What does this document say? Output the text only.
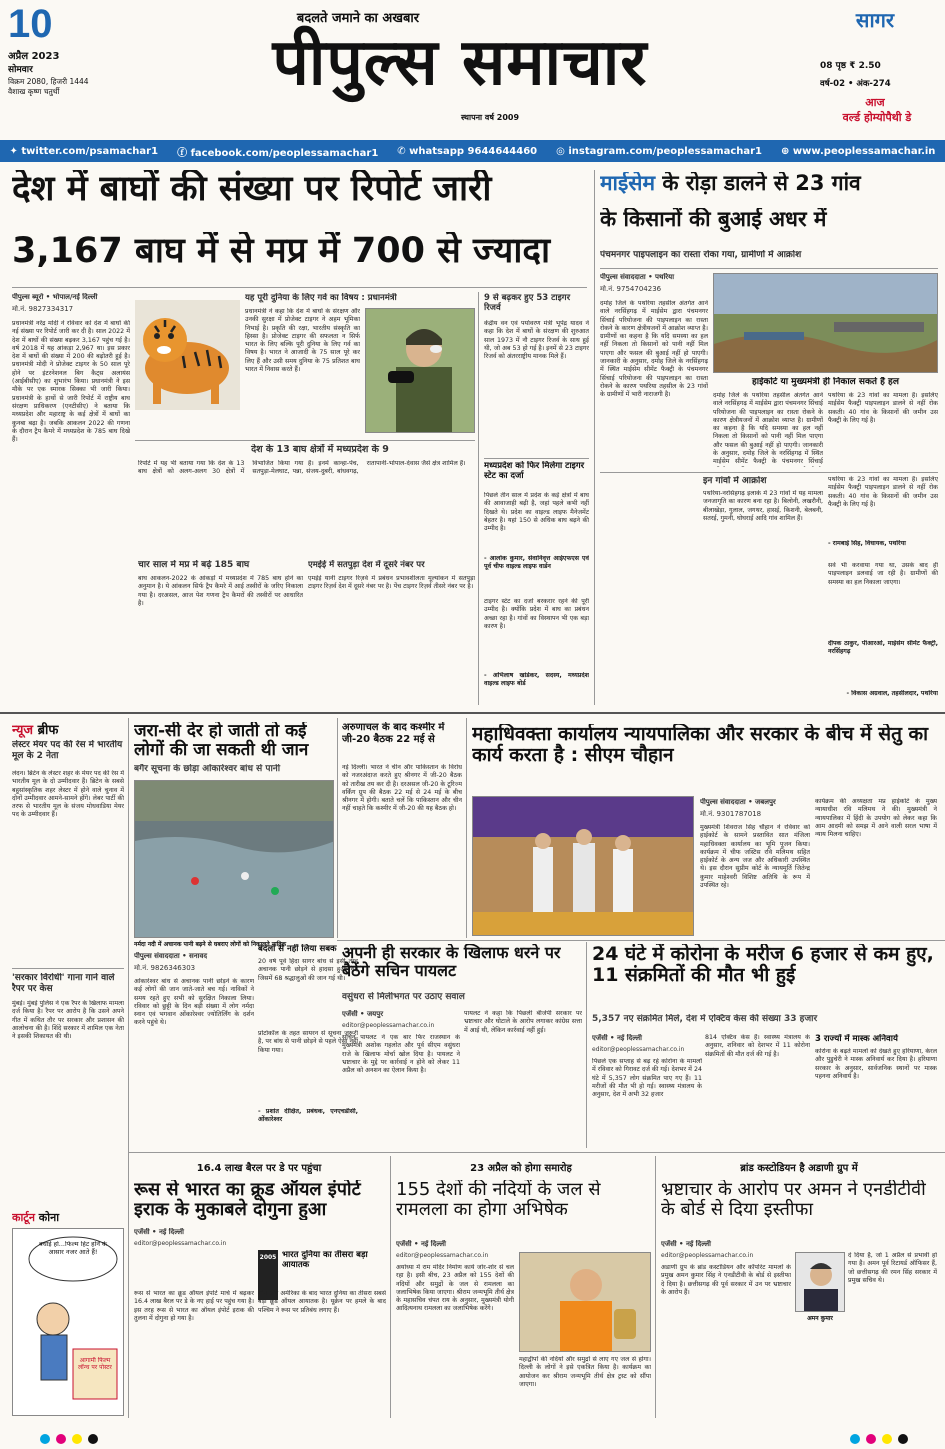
10
अप्रैल 2023
सोमवार
विक्रम 2080, हिजरी 1444
वैशाख कृष्ण चतुर्थी
बदलते जमाने का अखबार
पीपुल्स समाचार
स्थापना वर्ष 2009
सागर
08 पृष्ठ ₹ 2.50
वर्ष-02 • अंक-274
आज
वर्ल्ड होम्योपैथी डे
✦ twitter.com/psamachar1 ⓕ facebook.com/peoplessamachar1 ✆ whatsapp 9644644460 ◎ instagram.com/peoplessamachar1 ⊕ www.peoplessamachar.in
देश में बाघों की संख्या पर रिपोर्ट जारी
3,167 बाघ में से मप्र में 700 से ज्यादा
पीपुल्स ब्यूरो • भोपाल/नई दिल्ली
मो.नं. 9827334317
प्रधानमंत्री नरेंद्र मोदी ने रविवार को देश में बाघों की नई संख्या पर रिपोर्ट जारी कर दी है। साल 2022 में देश में बाघों की संख्या बढ़कर 3,167 पहुंच गई है। वर्ष 2018 में यह आंकड़ा 2,967 था। इस प्रकार देश में बाघों की संख्या में 200 की बढ़ोतरी हुई है। प्रधानमंत्री मोदी ने प्रोजेक्ट टाइगर के 50 साल पूरे होने पर इंटरनेशनल बिग कैट्स अलायंस (आईबीसीए) का शुभारंभ किया। प्रधानमंत्री ने इस मौके पर एक स्मारक सिक्का भी जारी किया। प्रधानमंत्री के हाथों से जारी रिपोर्ट में राष्ट्रीय बाघ संरक्षण प्राधिकरण (एनटीसीए) ने बताया कि मध्यप्रदेश और महाराष्ट्र के कई क्षेत्रों में बाघों का कुनबा बढ़ा है। जबकि आकलन 2022 की गणना के दौरान ट्रैप कैमरे में मध्यप्रदेश के 785 बाघ दिखे हैं।
यह पूरी दुनिया के लिए गर्व का विषय : प्रधानमंत्री
प्रधानमंत्री ने कहा कि देश में बाघों के संरक्षण और उनकी सुरक्षा में प्रोजेक्ट टाइगर ने अहम भूमिका निभाई है। प्रकृति की रक्षा, भारतीय संस्कृति का हिस्सा है। प्रोजेक्ट टाइगर की सफलता न सिर्फ भारत के लिए बल्कि पूरी दुनिया के लिए गर्व का विषय है। भारत ने आजादी के 75 साल पूरे कर लिए हैं और उसी समय दुनिया के 75 प्रतिशत बाघ भारत में निवास करते हैं।
देश के 13 बाघ क्षेत्रों में मध्यप्रदेश के 9
रिपोर्ट में यह भी बताया गया कि देश के 13 बाघ क्षेत्रों को अलग-अलग 30 क्षेत्रों में विभाजित किया गया है। इनमें कान्हा-पेंच, सतपुड़ा-मेलघाट, पन्ना, संजय-दुबरी, बांधवगढ़, रातापानी-भोपाल-देवास जैसे क्षेत्र शामिल हैं।
चार साल में मप्र में बढ़े 185 बाघ
बाघ आकलन-2022 के आंकड़ों में मध्यप्रदेश में 785 बाघ होने का अनुमान है। ये आंकलन सिर्फ ट्रैप कैमरे में आई तस्वीरों के जरिए निकाला गया है। दरअसल, आज पेश गणना ट्रैप कैमरों की तस्वीरों पर आधारित है।
एमईई में सतपुड़ा देश में दूसरे नंबर पर
एमईई यानी टाइगर रिज़र्व में प्रबंधन प्रभावशीलता मूल्यांकन में सतपुड़ा टाइगर रिज़र्व देश में दूसरे नंबर पर है। पेंच टाइगर रिज़र्व तीसरे नंबर पर है।
9 से बढ़कर हुए 53 टाइगर रिजर्व
केंद्रीय वन एवं पर्यावरण मंत्री भूपेंद्र यादव ने कहा कि देश में बाघों के संरक्षण की शुरुआत साल 1973 में नौ टाइगर रिजर्व के साथ हुई थी, जो अब 53 हो गई है। इनमें से 23 टाइगर रिजर्व को अंतरराष्ट्रीय मानक मिले हैं।
मध्यप्रदेश को फिर मिलेगा टाइगर स्टेट का दर्जा
पिछले तीन साल में प्रदेश के कई क्षेत्रों में बाघ की आवाजाही बढ़ी है, जहां पहले कभी नहीं दिखते थे। प्रदेश का वाइल्ड लाइफ मैनेजमेंट बेहतर है। यहां 150 से अधिक बाघ बढ़ने की उम्मीद है।
- आलोक कुमार, सेवानिवृत्त आईएफएस एवं पूर्व चीफ वाइल्ड लाइफ वार्डन
टाइगर स्टेट का दर्जा बरकरार रहने की पूरी उम्मीद है। क्योंकि प्रदेश में बाघ का प्रबंधन अच्छा रहा है। गांवों का विस्थापन भी एक बड़ा कारण है।
- अभिलाष खांडेकर, सदस्य, मध्यप्रदेश वाइल्ड लाइफ बोर्ड
माईसेम के रोड़ा डालने से 23 गांव
के किसानों की बुआई अधर में
पंचमनगर पाइपलाइन का रास्ता रोका गया, ग्रामीणों में आक्रोश
पीपुल्स संवाददाता • पथरिया
मो.नं. 9754704236
दमोह जिले के पथरिया तहसील अंतर्गत आने वाले नरसिंहगढ़ में माईसेम द्वारा पंचमनगर सिंचाई परियोजना की पाइपलाइन का रास्ता रोकने के कारण क्षेत्रीयजनों में आक्रोश व्याप्त है। ग्रामीणों का कहना है कि यदि समस्या का हल नहीं निकला तो किसानों को पानी नहीं मिल पाएगा और फसल की बुआई नहीं हो पाएगी। जानकारी के अनुसार, दमोह जिले के नरसिंहगढ़ में स्थित माईसेम सीमेंट फैक्ट्री के पंचमनगर सिंचाई परियोजना की पाइपलाइन का रास्ता रोकने के कारण पथरिया तहसील के 23 गांवों के ग्रामीणों में भारी नाराजगी है।
हाईकोर्ट या मुख्यमंत्री ही निकाल सकते हैं हल
दमोह जिले के पथरिया तहसील अंतर्गत आने वाले नरसिंहगढ़ में माईसेम द्वारा पंचमनगर सिंचाई परियोजना की पाइपलाइन का रास्ता रोकने के कारण क्षेत्रीयजनों में आक्रोश व्याप्त है। ग्रामीणों का कहना है कि यदि समस्या का हल नहीं निकला तो किसानों को पानी नहीं मिल पाएगा और फसल की बुआई नहीं हो पाएगी। जानकारी के अनुसार, दमोह जिले के नरसिंहगढ़ में स्थित माईसेम सीमेंट फैक्ट्री के पंचमनगर सिंचाई
पथरिया के 23 गांवों का मामला है। इसलिए माईसेम फैक्ट्री पाइपलाइन डालने से नहीं रोक सकती। 40 गांव के किसानों की जमीन उस फैक्ट्री के लिए गई है।
इन गांवों में आक्रोश
पथरिया-नरसिंहगढ़ इलाके में 23 गांवों में यह मामला जनजागृति का कारण बना रहा है। बिलोनी, लखरौनी, बीलाखेड़ा, गुलाल, जगथर, हासई, किशनी, बेलबनी, सतरई, गुमनी, घोघराई आदि गांव शामिल हैं।
पथरिया के 23 गांवों का मामला है। इसलिए माईसेम फैक्ट्री पाइपलाइन डालने से नहीं रोक सकती। 40 गांव के किसानों की जमीन उस फैक्ट्री के लिए गई है।
- रामबाई सिंह, विधायक, पथरिया
सर्वे भी करवाया गया था, उसके बाद ही पाइपलाइन डलवाई जा रही है। ग्रामीणों की समस्या का हल निकाला जाएगा।
दीपक ठाकुर, पीआरओ, माईसेम सीमेंट फैक्ट्री, नरसिंहगढ़
- विकास अग्रवाल, तहसीलदार, पथरिया
न्यूज ब्रीफ
लेस्टर मेयर पद की रेस में भारतीय मूल के 2 नेता
लंदन। ब्रिटेन के लेस्टर शहर के मेयर पद की रेस में भारतीय मूल के दो उम्मीदवार हैं। ब्रिटेन के सबसे बहुसांस्कृतिक शहर लेस्टर में होने वाले चुनाव में दोनों उम्मीदवार आमने-सामने होंगे। लेबर पार्टी की तरफ से भारतीय मूल के संजय मोधवाडिया मेयर पद के उम्मीदवार हैं।
'सरकार विरोधी' गाना गाने वाले रैपर पर केस
मुंबई। मुंबई पुलिस ने एक रैपर के खिलाफ मामला दर्ज किया है। रैपर पर आरोप है कि उसने अपने गीत में कथित तौर पर सरकार और प्रशासन की आलोचना की है। शिंदे सरकार में शामिल एक नेता ने इसकी शिकायत की थी।
कार्टून कोना
बधाई हो...फिल्म हिट होने के आसार नजर आते हैं!
आगामी फिल्म लॉन्च पर पोस्टर
जरा-सी देर हो जाती तो कई लोगों की जा सकती थी जान
बगैर सूचना के छोड़ा ओंकारेश्वर बांध से पानी
नर्मदा नदी में अचानक पानी बढ़ने से घबराए लोगों को निकालते नाविक
पीपुल्स संवाददाता • सनावद
मो.नं. 9826346303
ओंकारेश्वर बांध से अचानक पानी छोड़ने के कारण कई लोगों की जान जाते-जाते बच गई। नाविकों ने समय रहते हुए सभी को सुरक्षित निकाला लिया। रविवार को छुट्टी के दिन बड़ी संख्या में लोग नर्मदा स्नान एवं भगवान ओंकारेश्वर ज्योतिर्लिंग के दर्शन करने पहुंचे थे।
बदलाें से नहीं लिया सबक
20 वर्ष पूर्व हिंदा सागर बांध से इसी तरह अचानक पानी छोड़ने से हादसा हुआ था, जिसमें 68 श्रद्धालुओं की जान गई थी।
प्रोटोकॉल के तहत सायरन से सूचना जरूरी है, पर बांध से पानी छोड़ने से पहले ऐसा नहीं किया गया।
- प्रशांत दीक्षित, प्रबंधक, एनएचडीसी, ओंकारेश्वर
अरुणाचल के बाद कश्मीर में जी-20 बैठक 22 मई से
नई दिल्ली। भारत ने चीन और पाकिस्तान के विरोध को नजरअंदाज करते हुए श्रीनगर में जी-20 बैठक को तारीख तय कर दी है। दरअसल जी-20 के टूरिज्म वर्किंग ग्रुप की बैठक 22 मई से 24 मई के बीच श्रीनगर में होगी। बताते चलें कि पाकिस्तान और चीन नहीं चाहते कि कश्मीर में जी-20 की यह बैठक हो।
महाधिवक्ता कार्यालय न्यायपालिका और सरकार के बीच में सेतु का कार्य करता है : सीएम चौहान
पीपुल्स संवाददाता • जबलपुर
मो.नं. 9301787018
मुख्यमंत्री शिवराज सिंह चौहान ने रविवार को हाईकोर्ट के सामने प्रस्तावित सात मंजिला महाधिवक्ता कार्यालय का भूमि पूजन किया। कार्यक्रम में चीफ जस्टिस रवि मलिमथ सहित हाईकोर्ट के अन्य जज और अधिकारी उपस्थित थे। इस दौरान सुप्रीम कोर्ट के न्यायमूर्ति जितेन्द्र कुमार माहेश्वरी विशिष्ट अतिथि के रूप में उपस्थित रहे।
कार्यक्रम की अध्यक्षता मप्र हाईकोर्ट के मुख्य न्यायाधीश रवि मलिमथ ने की। मुख्यमंत्री ने न्यायपालिका में हिंदी के उपयोग को लेकर कहा कि आम आदमी को समझ में आने वाली सरल भाषा में न्याय मिलना चाहिए।
अपनी ही सरकार के खिलाफ धरने पर बैठेंगे सचिन पायलट
वसुंधरा से मिलीभगत पर उठाए सवाल
एजेंसी • जयपुर
editor@peoplessamachar.co.in
सचिन पायलट ने एक बार फिर राजस्थान के मुख्यमंत्री अशोक गहलोत और पूर्व सीएम वसुंधरा राजे के खिलाफ मोर्चा खोल दिया है। पायलट ने भ्रष्टाचार के मुद्दे पर कार्रवाई न होने को लेकर 11 अप्रैल को अनशन का ऐलान किया है।
पायलट ने कहा कि पिछली बीजेपी सरकार पर भ्रष्टाचार और घोटाले के आरोप लगाकर कांग्रेस सत्ता में आई थी, लेकिन कार्रवाई नहीं हुई।
24 घंटे में कोरोना के मरीज 6 हजार से कम हुए, 11 संक्रमितों की मौत भी हुई
5,357 नए संक्रमित मिले, देश में एक्टिव केस की संख्या 33 हजार
एजेंसी • नई दिल्ली
editor@peoplessamachar.co.in
पिछले एक सप्ताह से बढ़ रहे कोरोना के मामलों में रविवार को गिरावट दर्ज की गई। देशभर में 24 घंटे में 5,357 लोग संक्रमित पाए गए हैं। 11 मरीजों की मौत भी हो गई। स्वास्थ्य मंत्रालय के अनुसार, देश में अभी 32 हजार
814 एक्टिव केस हैं। स्वास्थ्य मंत्रालय के अनुसार, शनिवार को देशभर में 11 कोरोना संक्रमितों की मौत दर्ज की गई है।
3 राज्यों में मास्क अनिवार्य
कोरोना के बढ़ते मामलों को देखते हुए हरियाणा, केरल और पुडुचेरी ने मास्क अनिवार्य कर दिया है। हरियाणा सरकार के अनुसार, सार्वजनिक स्थानों पर मास्क पहनना अनिवार्य है।
16.4 लाख बैरल पर डे पर पहुंचा
रूस से भारत का क्रूड ऑयल इंपोर्ट इराक के मुकाबले दोगुना हुआ
एजेंसी • नई दिल्ली
editor@peoplessamachar.co.in
रूस से भारत का क्रूड ऑयल इंपोर्ट मार्च में बढ़कर 16.4 लाख बैरल पर डे के नए हाई पर पहुंच गया है। इस तरह रूस से भारत का ऑयल इंपोर्ट इराक की तुलना में दोगुना हो गया है।
2005 भारत दुनिया का तीसरा बड़ा आयातक
चीन और अमेरिका के बाद भारत दुनिया का तीसरा सबसे बड़ा क्रूड ऑयल आयातक है। यूक्रेन पर हमले के बाद पश्चिम ने रूस पर प्रतिबंध लगाए हैं।
23 अप्रैल को होगा समारोह
155 देशों की नदियों के जल से रामलला का होगा अभिषेक
एजेंसी • नई दिल्ली
editor@peoplessamachar.co.in
अयोध्या में राम मंदिर निर्माण कार्य जोर-शोर से चल रहा है। इसी बीच, 23 अप्रैल को 155 देशों की नदियों और समुद्रों के जल से रामलला का जलाभिषेक किया जाएगा। श्रीराम जन्मभूमि तीर्थ क्षेत्र के महासचिव चंपत राय के अनुसार, मुख्यमंत्री योगी आदित्यनाथ रामलला का जलाभिषेक करेंगे।
महाद्वीपों की नदियों और समुद्रों से लाए गए जल से होगा। दिल्ली के लोगों ने इसे एकत्रित किया है। कार्यक्रम का आयोजन कर श्रीराम जन्मभूमि तीर्थ क्षेत्र ट्रस्ट को सौंपा जाएगा।
ब्रांड कस्टोडियन है अडाणी ग्रुप में
भ्रष्टाचार के आरोप पर अमन ने एनडीटीवी के बोर्ड से दिया इस्तीफा
एजेंसी • नई दिल्ली
editor@peoplessamachar.co.in
अडाणी ग्रुप के ब्रांड कस्टोडियन और कॉर्पोरेट मामलों के प्रमुख अमन कुमार सिंह ने एनडीटीवी के बोर्ड से इस्तीफा दे दिया है। छत्तीसगढ़ की पूर्व सरकार में उन पर भ्रष्टाचार के आरोप हैं।
अमन कुमार
दे दिया है, जो 1 अप्रैल से प्रभावी हो गया है। अमन पूर्व रिटायर्ड ऑफिसर हैं, जो छत्तीसगढ़ की रमन सिंह सरकार में प्रमुख सचिव थे।
